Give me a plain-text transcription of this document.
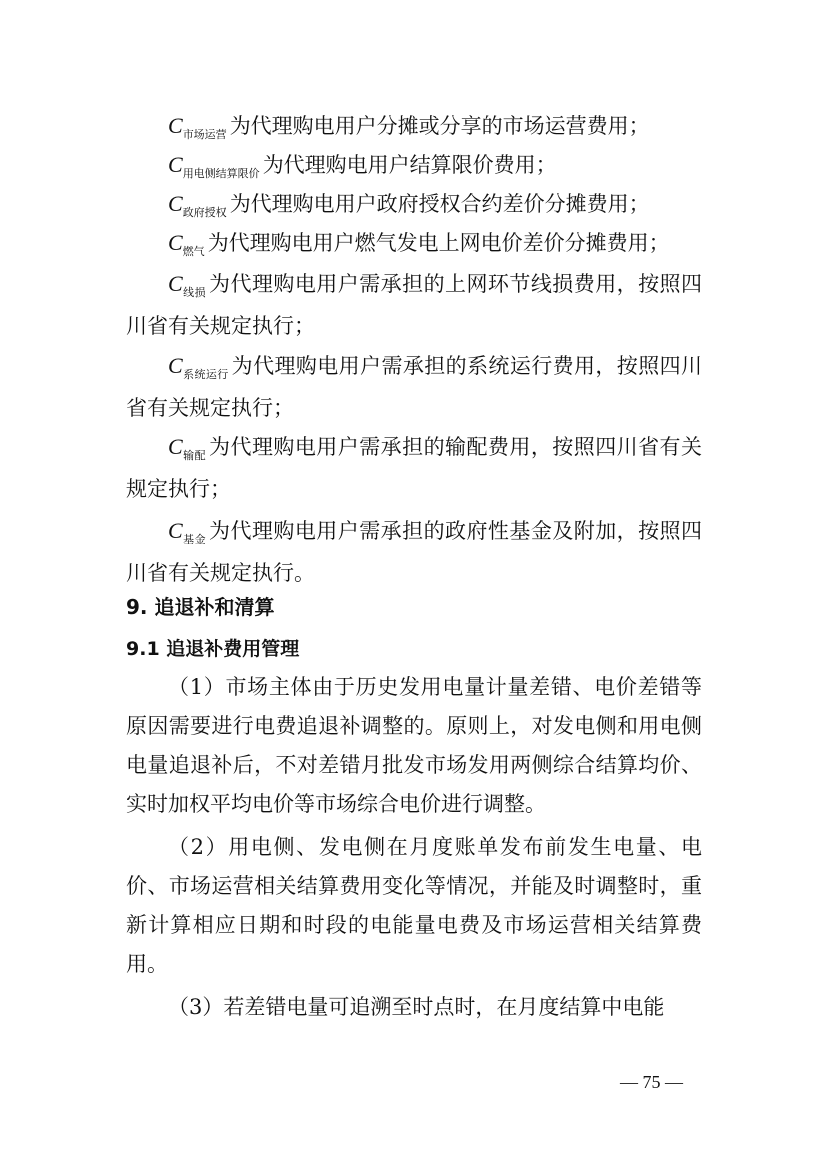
$C_{市场运营}$ 为代理购电用户分摊或分享的市场运营费用；

$C_{用电侧结算限价}$ 为代理购电用户结算限价费用；

$C_{政府授权}$ 为代理购电用户政府授权合约差价分摊费用；

$C_{燃气}$ 为代理购电用户燃气发电上网电价差价分摊费用；

$C_{线损}$ 为代理购电用户需承担的上网环节线损费用，按照四川省有关规定执行；

$C_{系统运行}$ 为代理购电用户需承担的系统运行费用，按照四川省有关规定执行；

$C_{输配}$ 为代理购电用户需承担的输配费用，按照四川省有关规定执行；

$C_{基金}$ 为代理购电用户需承担的政府性基金及附加，按照四川省有关规定执行。

9. 追退补和清算
9.1 追退补费用管理

（1）市场主体由于历史发用电量计量差错、电价差错等原因需要进行电费追退补调整的。原则上，对发电侧和用电侧电量追退补后，不对差错月批发市场发用两侧综合结算均价、实时加权平均电价等市场综合电价进行调整。

（2）用电侧、发电侧在月度账单发布前发生电量、电价、市场运营相关结算费用变化等情况，并能及时调整时，重新计算相应日期和时段的电能量电费及市场运营相关结算费用。

（3）若差错电量可追溯至时点时，在月度结算中电能

— 75 —
